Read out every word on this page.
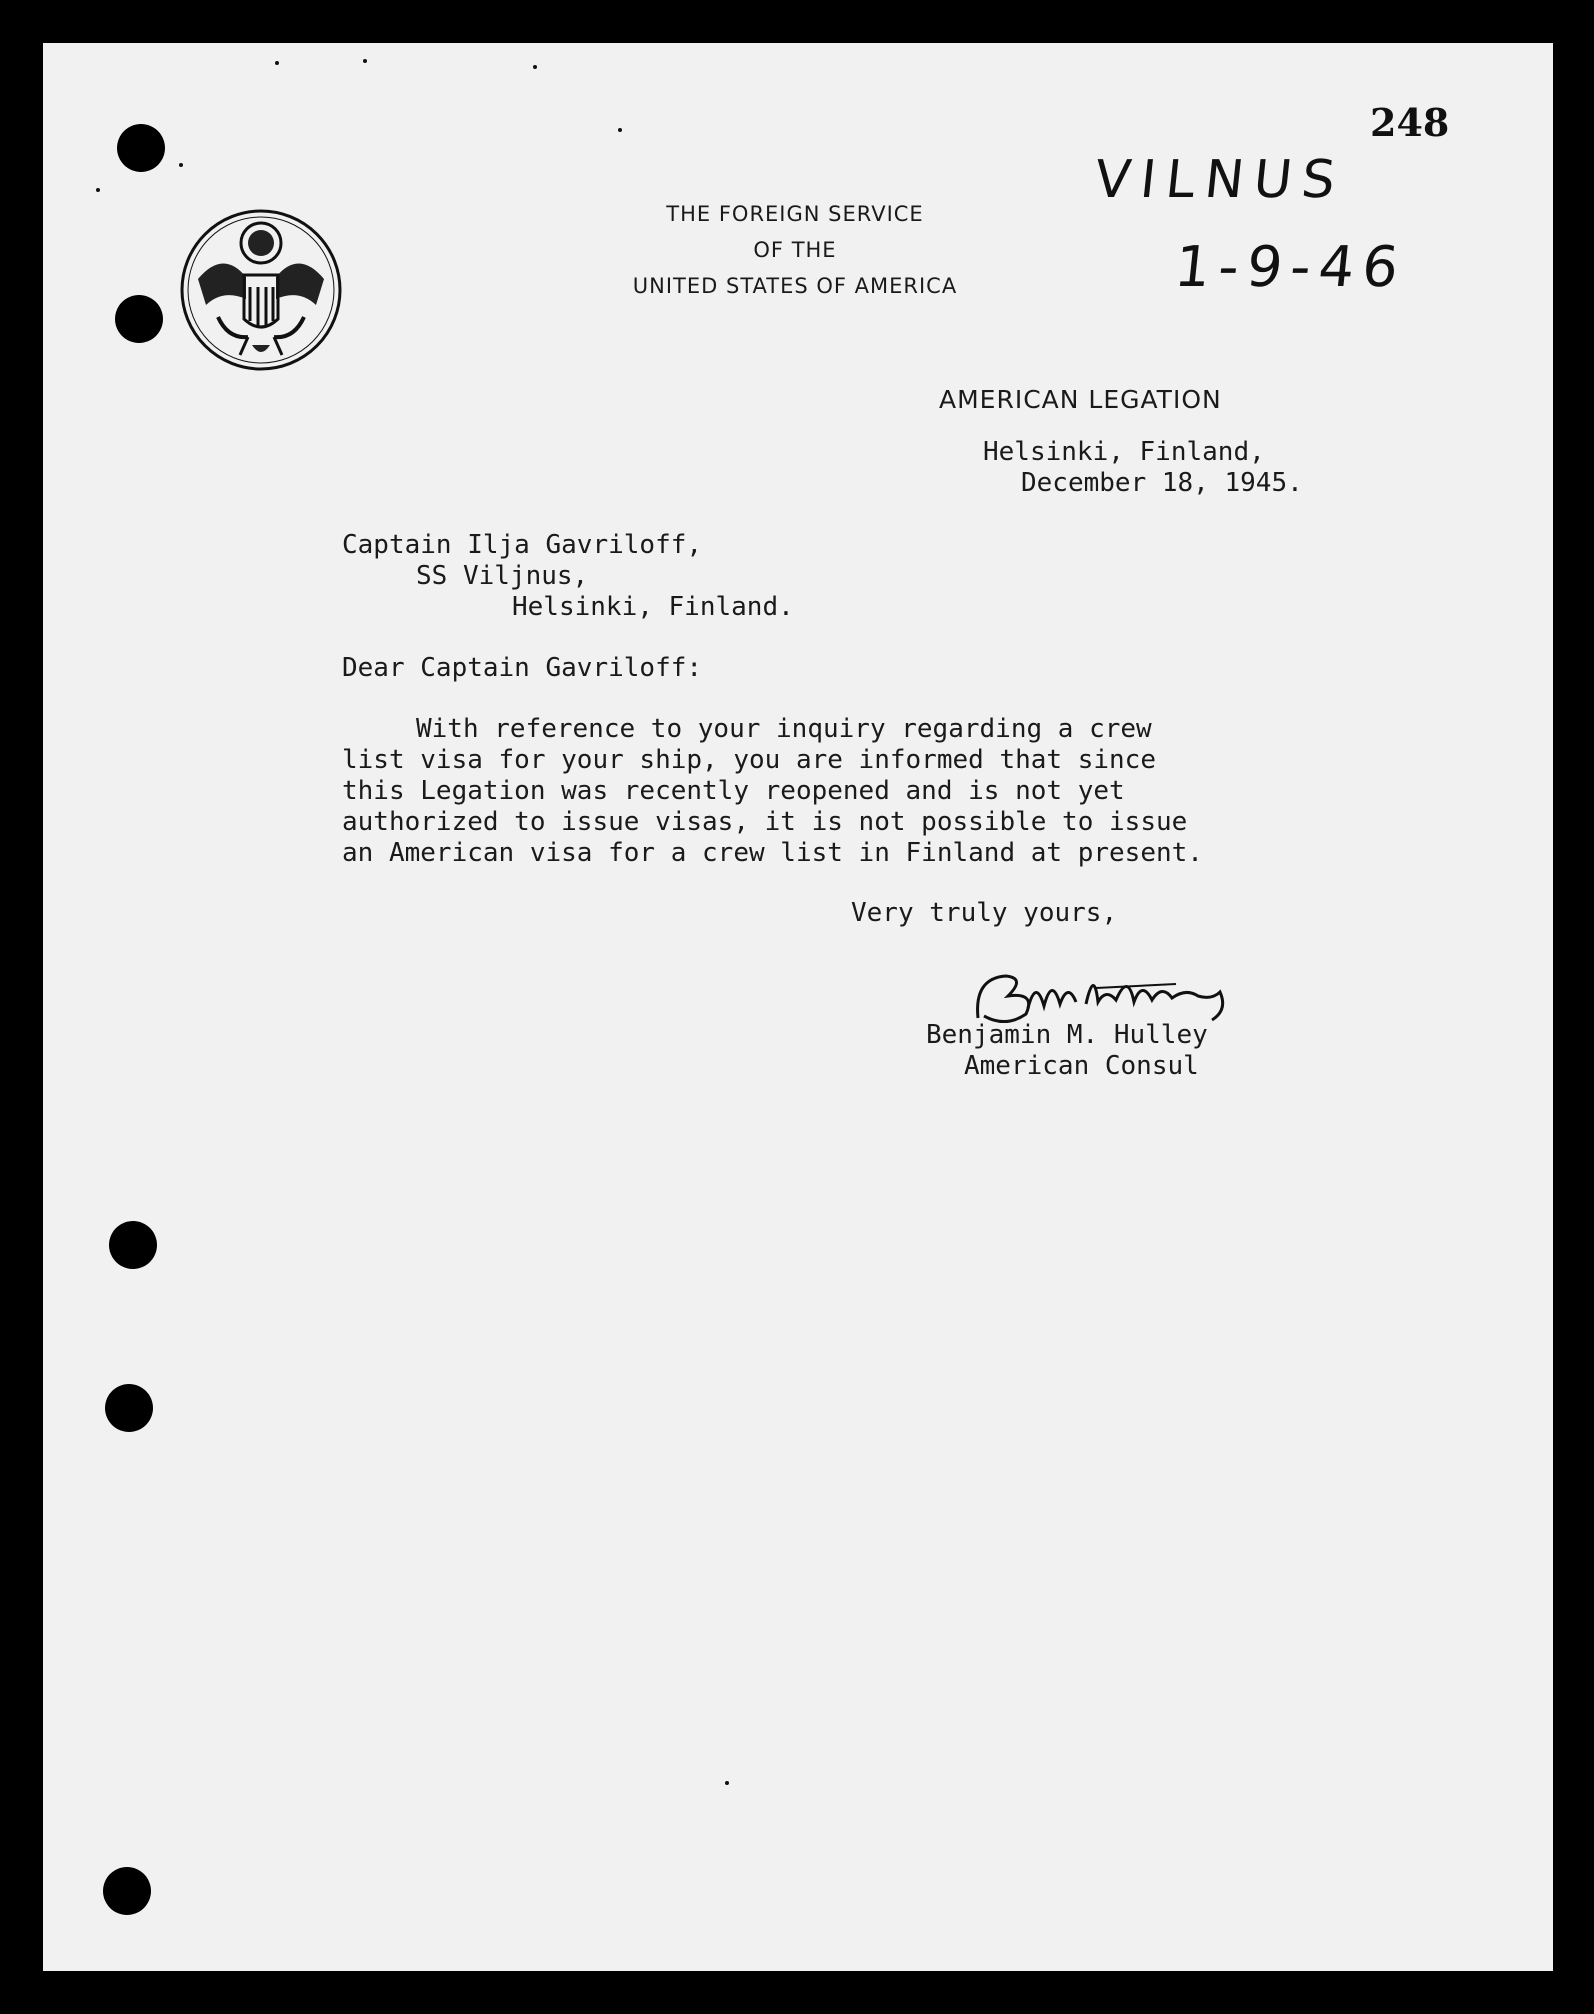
THE FOREIGN SERVICE
OF THE
UNITED STATES OF AMERICA
248
VILNUS
1-9-46
AMERICAN LEGATION
Helsinki, Finland,
December 18, 1945.
Captain Ilja Gavriloff,
SS Viljnus,
Helsinki, Finland.
Dear Captain Gavriloff:
With reference to your inquiry regarding a crew
list visa for your ship, you are informed that since
this Legation was recently reopened and is not yet
authorized to issue visas, it is not possible to issue
an American visa for a crew list in Finland at present.
Very truly yours,
Benjamin M. Hulley
American Consul
